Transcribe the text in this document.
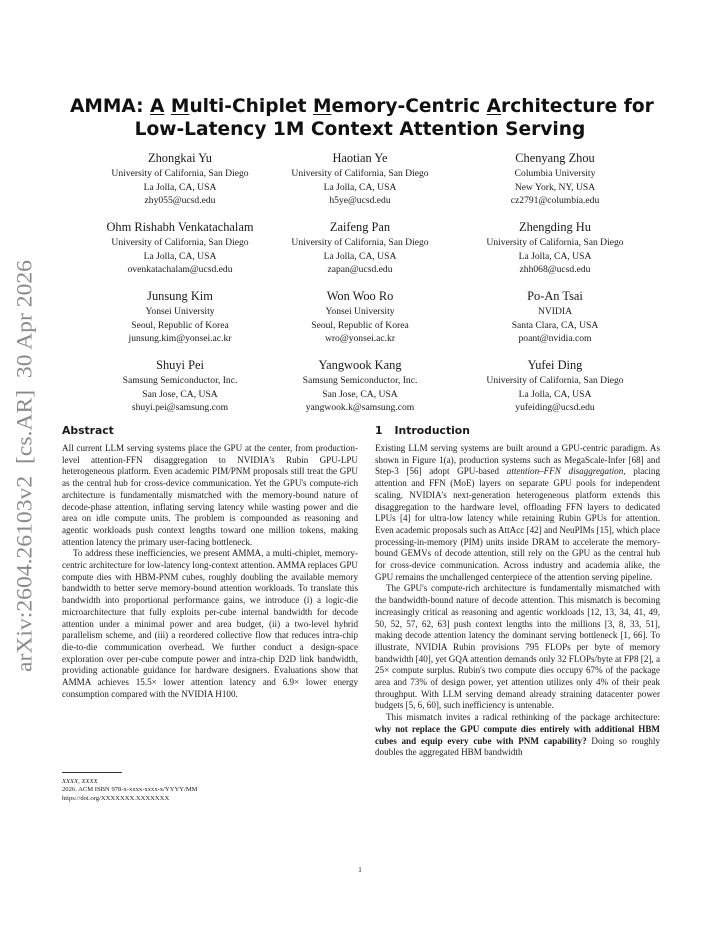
arXiv:2604.26103v2  [cs.AR]  30 Apr 2026
AMMA: A Multi-Chiplet Memory-Centric Architecture for
Low-Latency 1M Context Attention Serving
Zhongkai Yu
University of California, San Diego
La Jolla, CA, USA
zhy055@ucsd.edu
Haotian Ye
University of California, San Diego
La Jolla, CA, USA
h5ye@ucsd.edu
Chenyang Zhou
Columbia University
New York, NY, USA
cz2791@columbia.edu
Ohm Rishabh Venkatachalam
University of California, San Diego
La Jolla, CA, USA
ovenkatachalam@ucsd.edu
Zaifeng Pan
University of California, San Diego
La Jolla, CA, USA
zapan@ucsd.edu
Zhengding Hu
University of California, San Diego
La Jolla, CA, USA
zhh068@ucsd.edu
Junsung Kim
Yonsei University
Seoul, Republic of Korea
junsung.kim@yonsei.ac.kr
Won Woo Ro
Yonsei University
Seoul, Republic of Korea
wro@yonsei.ac.kr
Po-An Tsai
NVIDIA
Santa Clara, CA, USA
poant@nvidia.com
Shuyi Pei
Samsung Semiconductor, Inc.
San Jose, CA, USA
shuyi.pei@samsung.com
Yangwook Kang
Samsung Semiconductor, Inc.
San Jose, CA, USA
yangwook.k@samsung.com
Yufei Ding
University of California, San Diego
La Jolla, CA, USA
yufeiding@ucsd.edu
Abstract

All current LLM serving systems place the GPU at the center, from production-level attention-FFN disaggregation to NVIDIA's Rubin GPU-LPU heterogeneous platform. Even academic PIM/PNM proposals still treat the GPU as the central hub for cross-device communication. Yet the GPU's compute-rich architecture is fundamentally mismatched with the memory-bound nature of decode-phase attention, inflating serving latency while wasting power and die area on idle compute units. The problem is compounded as reasoning and agentic workloads push context lengths toward one million tokens, making attention latency the primary user-facing bottleneck.

To address these inefficiencies, we present AMMA, a multi-chiplet, memory-centric architecture for low-latency long-context attention. AMMA replaces GPU compute dies with HBM-PNM cubes, roughly doubling the available memory bandwidth to better serve memory-bound attention workloads. To translate this bandwidth into proportional performance gains, we introduce (i) a logic-die microarchitecture that fully exploits per-cube internal bandwidth for decode attention under a minimal power and area budget, (ii) a two-level hybrid parallelism scheme, and (iii) a reordered collective flow that reduces intra-chip die-to-die communication overhead. We further conduct a design-space exploration over per-cube compute power and intra-chip D2D link bandwidth, providing actionable guidance for hardware designers. Evaluations show that AMMA achieves 15.5× lower attention latency and 6.9× lower energy consumption compared with the NVIDIA H100.

XXXX, XXXX
2026. ACM ISBN 978-x-xxxx-xxxx-x/YYYY/MM
https://doi.org/XXXXXXX.XXXXXXX
1 Introduction

Existing LLM serving systems are built around a GPU-centric paradigm. As shown in Figure 1(a), production systems such as MegaScale-Infer [68] and Step-3 [56] adopt GPU-based attention–FFN disaggregation, placing attention and FFN (MoE) layers on separate GPU pools for independent scaling. NVIDIA's next-generation heterogeneous platform extends this disaggregation to the hardware level, offloading FFN layers to dedicated LPUs [4] for ultra-low latency while retaining Rubin GPUs for attention. Even academic proposals such as AttAcc [42] and NeuPIMs [15], which place processing-in-memory (PIM) units inside DRAM to accelerate the memory-bound GEMVs of decode attention, still rely on the GPU as the central hub for cross-device communication. Across industry and academia alike, the GPU remains the unchallenged centerpiece of the attention serving pipeline.

The GPU's compute-rich architecture is fundamentally mismatched with the bandwidth-bound nature of decode attention. This mismatch is becoming increasingly critical as reasoning and agentic workloads [12, 13, 34, 41, 49, 50, 52, 57, 62, 63] push context lengths into the millions [3, 8, 33, 51], making decode attention latency the dominant serving bottleneck [1, 66]. To illustrate, NVIDIA Rubin provisions 795 FLOPs per byte of memory bandwidth [40], yet GQA attention demands only 32 FLOPs/byte at FP8 [2], a 25× compute surplus. Rubin's two compute dies occupy 67% of the package area and 73% of design power, yet attention utilizes only 4% of their peak throughput. With LLM serving demand already straining datacenter power budgets [5, 6, 60], such inefficiency is untenable.

This mismatch invites a radical rethinking of the package architecture: why not replace the GPU compute dies entirely with additional HBM cubes and equip every cube with PNM capability? Doing so roughly doubles the aggregated HBM bandwidth

1
